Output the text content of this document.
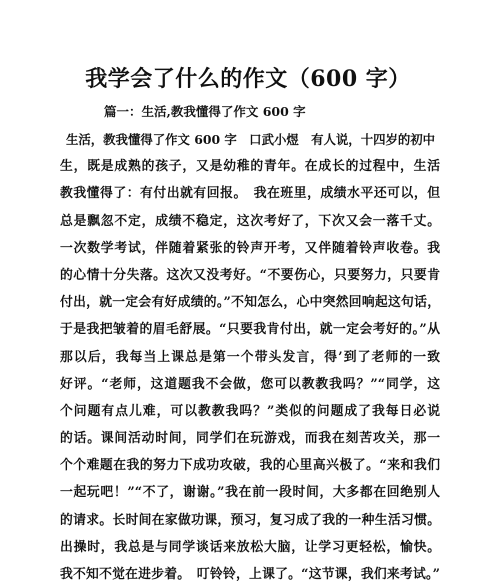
我学会了什么的作文（600 字）
篇一：生活,教我懂得了作文 600 字
生活，教我懂得了作文 600 字　口武小煜　有人说，十四岁的初中
生，既是成熟的孩子，又是幼稚的青年。在成长的过程中，生活
教我懂得了：有付出就有回报。　我在班里，成绩水平还可以，但
总是飘忽不定，成绩不稳定，这次考好了，下次又会一落千丈。
一次数学考试，伴随着紧张的铃声开考，又伴随着铃声收卷。我
的心情十分失落。这次又没考好。“不要伤心，只要努力，只要肯
付出，就一定会有好成绩的。”不知怎么，心中突然回响起这句话，
于是我把皱着的眉毛舒展。“只要我肯付出，就一定会考好的。”从
那以后，我每当上课总是第一个带头发言，得’到了老师的一致
好评。“老师，这道题我不会做，您可以教教我吗？”“同学，这
个问题有点儿难，可以教教我吗？”类似的问题成了我每日必说
的话。课间活动时间，同学们在玩游戏，而我在刻苦攻关，那一
个个难题在我的努力下成功攻破，我的心里高兴极了。“来和我们
一起玩吧！”“不了，谢谢。”我在前一段时间，大多都在回绝别人
的请求。长时间在家做功课，预习，复习成了我的一种生活习惯。
出操时，我总是与同学谈话来放松大脑，让学习更轻松，愉快。
我不知不觉在进步着。　叮铃铃，上课了。“这节课，我们来考试。”
